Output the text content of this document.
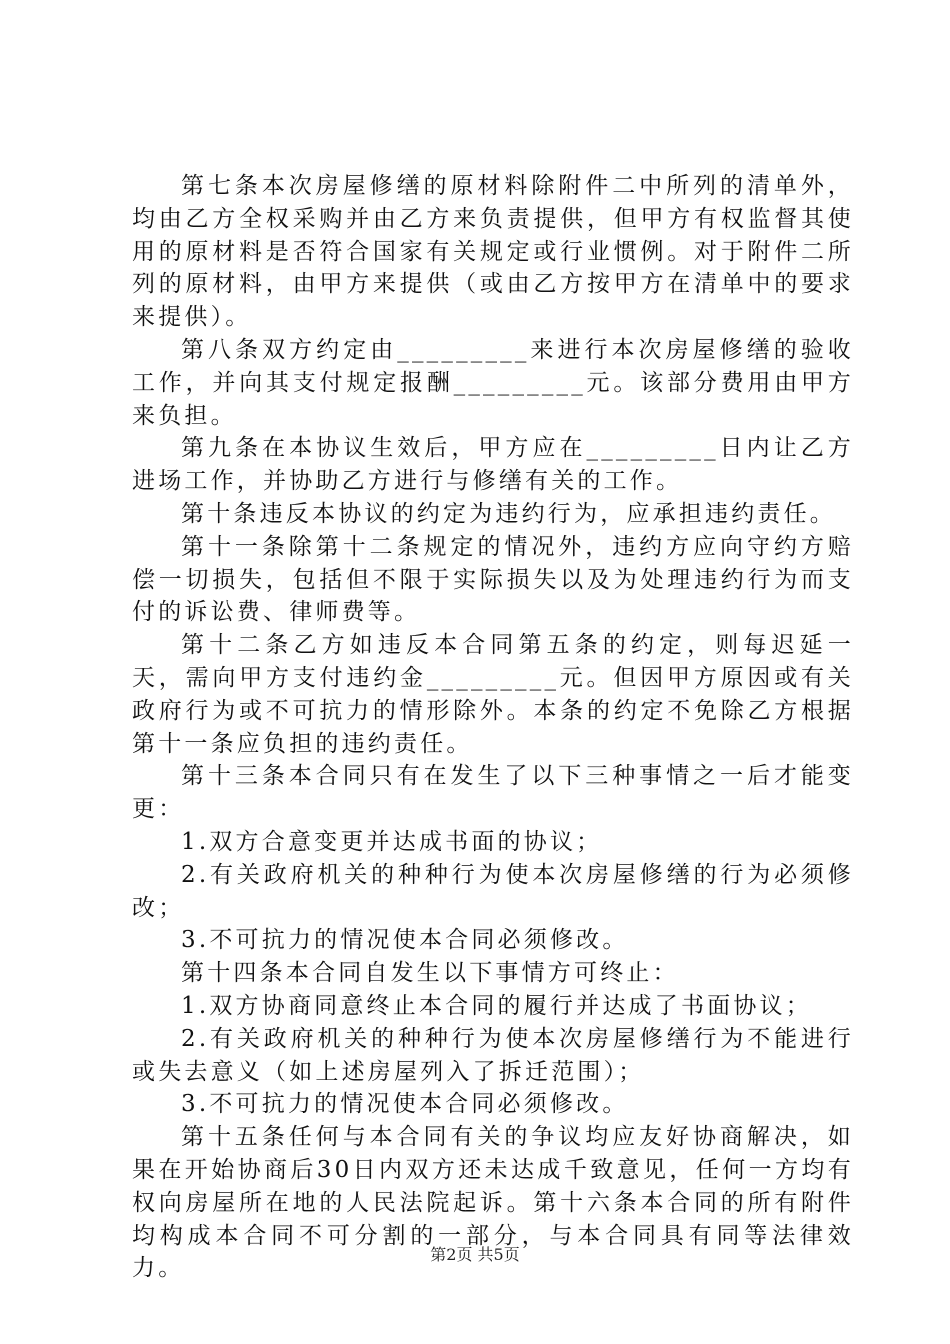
第七条本次房屋修缮的原材料除附件二中所列的清单外，均由乙方全权采购并由乙方来负责提供，但甲方有权监督其使用的原材料是否符合国家有关规定或行业惯例。对于附件二所列的原材料，由甲方来提供（或由乙方按甲方在清单中的要求来提供）。

第八条双方约定由_________来进行本次房屋修缮的验收工作，并向其支付规定报酬_________元。该部分费用由甲方来负担。

第九条在本协议生效后，甲方应在_________日内让乙方进场工作，并协助乙方进行与修缮有关的工作。

第十条违反本协议的约定为违约行为，应承担违约责任。

第十一条除第十二条规定的情况外，违约方应向守约方赔偿一切损失，包括但不限于实际损失以及为处理违约行为而支付的诉讼费、律师费等。

第十二条乙方如违反本合同第五条的约定，则每迟延一天，需向甲方支付违约金_________元。但因甲方原因或有关政府行为或不可抗力的情形除外。本条的约定不免除乙方根据第十一条应负担的违约责任。

第十三条本合同只有在发生了以下三种事情之一后才能变更：

1.双方合意变更并达成书面的协议；

2.有关政府机关的种种行为使本次房屋修缮的行为必须修改；

3.不可抗力的情况使本合同必须修改。

第十四条本合同自发生以下事情方可终止：

1.双方协商同意终止本合同的履行并达成了书面协议；

2.有关政府机关的种种行为使本次房屋修缮行为不能进行或失去意义（如上述房屋列入了拆迁范围）；

3.不可抗力的情况使本合同必须修改。

第十五条任何与本合同有关的争议均应友好协商解决，如果在开始协商后30日内双方还未达成千致意见，任何一方均有权向房屋所在地的人民法院起诉。第十六条本合同的所有附件均构成本合同不可分割的一部分，与本合同具有同等法律效力。

第2页 共5页
